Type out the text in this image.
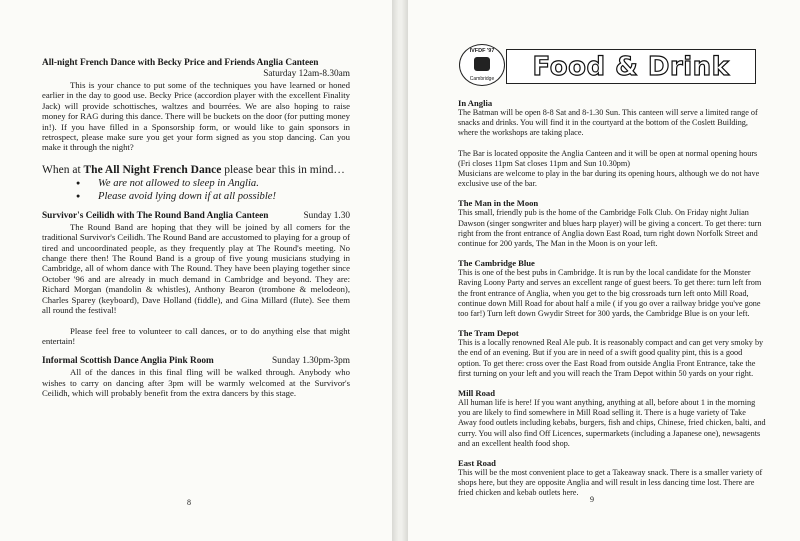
All-night French Dance with Becky Price and Friends Anglia Canteen

Saturday 12am-8.30am

This is your chance to put some of the techniques you have learned or honed earlier in the day to good use. Becky Price (accordion player with the excellent Finality Jack) will provide schottisches, waltzes and bourrées. We are also hoping to raise money for RAG during this dance. There will be buckets on the door (for putting money in!). If you have filled in a Sponsorship form, or would like to gain sponsors in retrospect, please make sure you get your form signed as you stop dancing. Can you make it through the night?

When at The All Night French Dance please bear this in mind…
● We are not allowed to sleep in Anglia.
● Please avoid lying down if at all possible!

Survivor's Ceilidh with The Round Band Anglia Canteen	Sunday 1.30

The Round Band are hoping that they will be joined by all comers for the traditional Survivor's Ceilidh. The Round Band are accustomed to playing for a group of tired and uncoordinated people, as they frequently play at The Round's meeting. No change there then! The Round Band is a group of five young musicians studying in Cambridge, all of whom dance with The Round. They have been playing together since October '96 and are already in much demand in Cambridge and beyond. They are: Richard Morgan (mandolin & whistles), Anthony Bearon (trombone & melodeon), Charles Sparey (keyboard), Dave Holland (fiddle), and Gina Millard (flute). See them all round the festival!

Please feel free to volunteer to call dances, or to do anything else that might entertain!

Informal Scottish Dance Anglia Pink Room	Sunday 1.30pm-3pm

All of the dances in this final fling will be walked through. Anybody who wishes to carry on dancing after 3pm will be warmly welcomed at the Survivor's Ceilidh, which will probably benefit from the extra dancers by this stage.

8
IVFDF '97
Cambridge	Food & Drink

In Anglia

The Batman will be open 8-8 Sat and 8-1.30 Sun. This canteen will serve a limited range of snacks and drinks. You will find it in the courtyard at the bottom of the Coslett Building, where the workshops are taking place.

The Bar is located opposite the Anglia Canteen and it will be open at normal opening hours (Fri closes 11pm Sat closes 11pm and Sun 10.30pm)
Musicians are welcome to play in the bar during its opening hours, although we do not have exclusive use of the bar.

The Man in the Moon

This small, friendly pub is the home of the Cambridge Folk Club. On Friday night Julian Dawson (singer songwriter and blues harp player) will be giving a concert. To get there: turn right from the front entrance of Anglia down East Road, turn right down Norfolk Street and continue for 200 yards, The Man in the Moon is on your left.

The Cambridge Blue

This is one of the best pubs in Cambridge. It is run by the local candidate for the Monster Raving Loony Party and serves an excellent range of guest beers. To get there: turn left from the front entrance of Anglia, when you get to the big crossroads turn left onto Mill Road, continue down Mill Road for about half a mile ( if you go over a railway bridge you've gone too far!) Turn left down Gwydir Street for 300 yards, the Cambridge Blue is on your left.

The Tram Depot

This is a locally renowned Real Ale pub. It is reasonably compact and can get very smoky by the end of an evening. But if you are in need of a swift good quality pint, this is a good option. To get there: cross over the East Road from outside Anglia Front Entrance, take the first turning on your left and you will reach the Tram Depot within 50 yards on your right.

Mill Road

All human life is here! If you want anything, anything at all, before about 1 in the morning you are likely to find somewhere in Mill Road selling it. There is a huge variety of Take Away food outlets including kebabs, burgers, fish and chips, Chinese, fried chicken, balti, and curry. You will also find Off Licences, supermarkets (including a Japanese one), newsagents and an excellent health food shop.

East Road

This will be the most convenient place to get a Takeaway snack. There is a smaller variety of shops here, but they are opposite Anglia and will result in less dancing time lost. There are fried chicken and kebab outlets here.

9
